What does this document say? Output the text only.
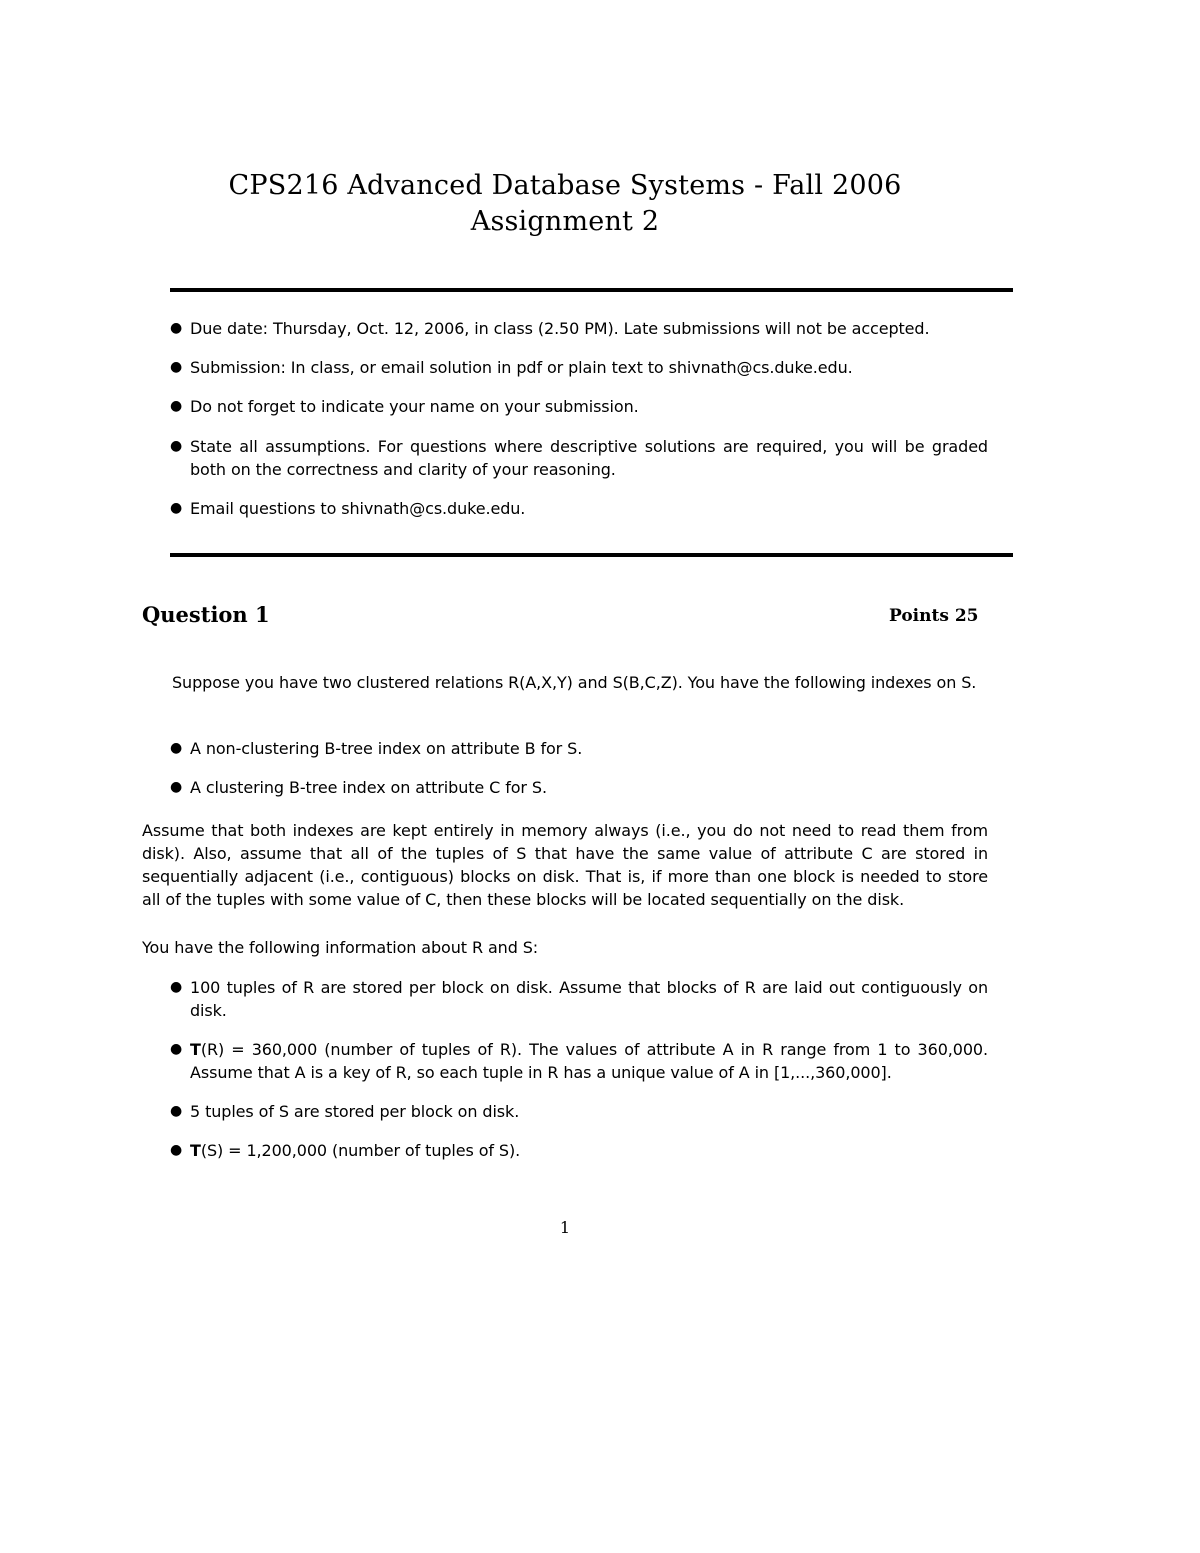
CPS216 Advanced Database Systems - Fall 2006
Assignment 2
● Due date: Thursday, Oct. 12, 2006, in class (2.50 PM). Late submissions will not be accepted.
● Submission: In class, or email solution in pdf or plain text to shivnath@cs.duke.edu.
● Do not forget to indicate your name on your submission.
● State all assumptions. For questions where descriptive solutions are required, you will be graded both on the correctness and clarity of your reasoning.
● Email questions to shivnath@cs.duke.edu.
Question 1	Points 25
Suppose you have two clustered relations R(A,X,Y) and S(B,C,Z). You have the following indexes on S.
● A non-clustering B-tree index on attribute B for S.
● A clustering B-tree index on attribute C for S.
Assume that both indexes are kept entirely in memory always (i.e., you do not need to read them from disk). Also, assume that all of the tuples of S that have the same value of attribute C are stored in sequentially adjacent (i.e., contiguous) blocks on disk. That is, if more than one block is needed to store all of the tuples with some value of C, then these blocks will be located sequentially on the disk.
You have the following information about R and S:
● 100 tuples of R are stored per block on disk. Assume that blocks of R are laid out contiguously on disk.
● T(R) = 360,000 (number of tuples of R). The values of attribute A in R range from 1 to 360,000. Assume that A is a key of R, so each tuple in R has a unique value of A in [1,...,360,000].
● 5 tuples of S are stored per block on disk.
● T(S) = 1,200,000 (number of tuples of S).
1
